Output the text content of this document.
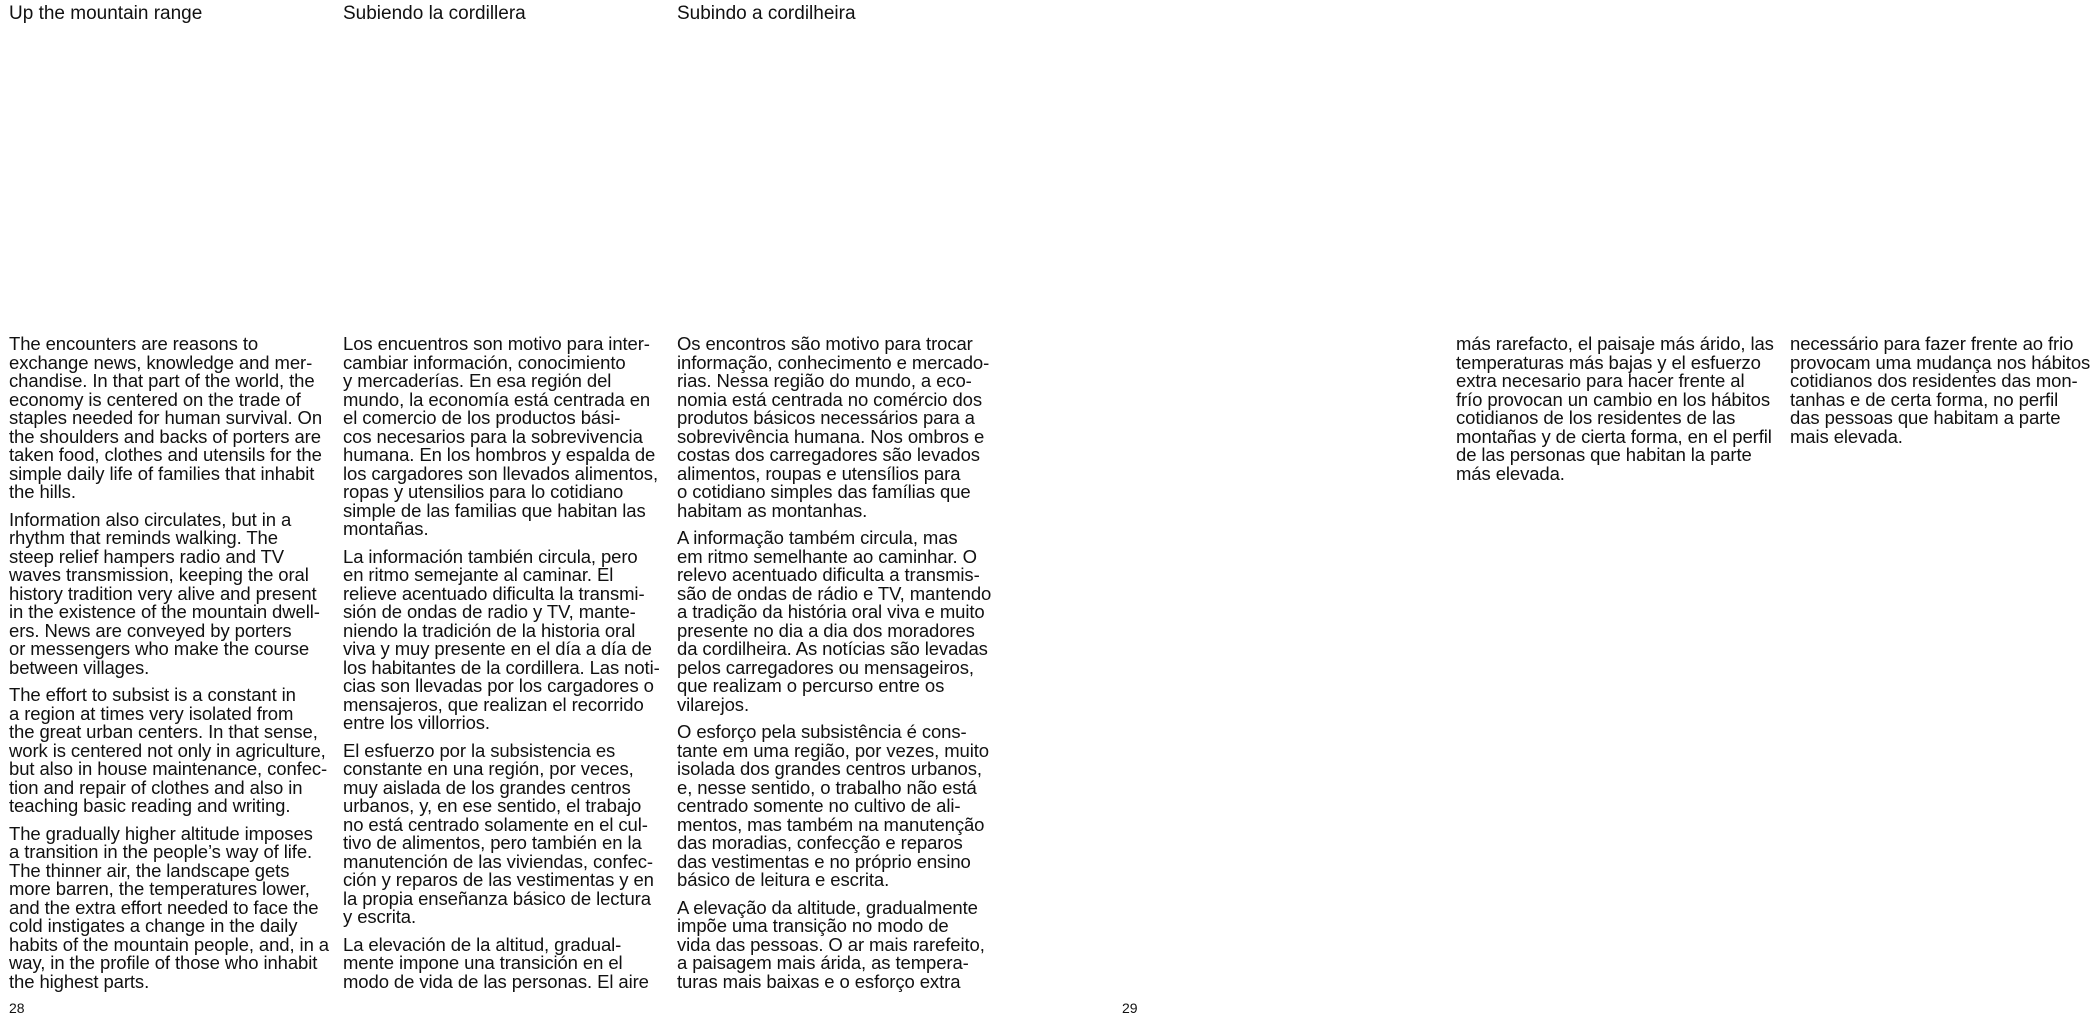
Up the mountain range	Subiendo la cordillera	Subindo a cordilheira

The encounters are reasons to
exchange news, knowledge and mer-
chandise. In that part of the world, the
economy is centered on the trade of
staples needed for human survival. On
the shoulders and backs of porters are
taken food, clothes and utensils for the
simple daily life of families that inhabit
the hills.

Information also circulates, but in a
rhythm that reminds walking. The
steep relief hampers radio and TV
waves transmission, keeping the oral
history tradition very alive and present
in the existence of the mountain dwell-
ers. News are conveyed by porters
or messengers who make the course
between villages.

The effort to subsist is a constant in
a region at times very isolated from
the great urban centers. In that sense,
work is centered not only in agriculture,
but also in house maintenance, confec-
tion and repair of clothes and also in
teaching basic reading and writing.

The gradually higher altitude imposes
a transition in the people’s way of life.
The thinner air, the landscape gets
more barren, the temperatures lower,
and the extra effort needed to face the
cold instigates a change in the daily
habits of the mountain people, and, in a
way, in the profile of those who inhabit
the highest parts.

Los encuentros son motivo para inter-
cambiar información, conocimiento
y mercaderías. En esa región del
mundo, la economía está centrada en
el comercio de los productos bási-
cos necesarios para la sobrevivencia
humana. En los hombros y espalda de
los cargadores son llevados alimentos,
ropas y utensilios para lo cotidiano
simple de las familias que habitan las
montañas.

La información también circula, pero
en ritmo semejante al caminar. El
relieve acentuado dificulta la transmi-
sión de ondas de radio y TV, mante-
niendo la tradición de la historia oral
viva y muy presente en el día a día de
los habitantes de la cordillera. Las noti-
cias son llevadas por los cargadores o
mensajeros, que realizan el recorrido
entre los villorrios.

El esfuerzo por la subsistencia es
constante en una región, por veces,
muy aislada de los grandes centros
urbanos, y, en ese sentido, el trabajo
no está centrado solamente en el cul-
tivo de alimentos, pero también en la
manutención de las viviendas, confec-
ción y reparos de las vestimentas y en
la propia enseñanza básico de lectura
y escrita.

La elevación de la altitud, gradual-
mente impone una transición en el
modo de vida de las personas. El aire

Os encontros são motivo para trocar
informação, conhecimento e mercado-
rias. Nessa região do mundo, a eco-
nomia está centrada no comércio dos
produtos básicos necessários para a
sobrevivência humana. Nos ombros e
costas dos carregadores são levados
alimentos, roupas e utensílios para
o cotidiano simples das famílias que
habitam as montanhas.

A informação também circula, mas
em ritmo semelhante ao caminhar. O
relevo acentuado dificulta a transmis-
são de ondas de rádio e TV, mantendo
a tradição da história oral viva e muito
presente no dia a dia dos moradores
da cordilheira. As notícias são levadas
pelos carregadores ou mensageiros,
que realizam o percurso entre os
vilarejos.

O esforço pela subsistência é cons-
tante em uma região, por vezes, muito
isolada dos grandes centros urbanos,
e, nesse sentido, o trabalho não está
centrado somente no cultivo de ali-
mentos, mas também na manutenção
das moradias, confecção e reparos
das vestimentas e no próprio ensino
básico de leitura e escrita.

A elevação da altitude, gradualmente
impõe uma transição no modo de
vida das pessoas. O ar mais rarefeito,
a paisagem mais árida, as tempera-
turas mais baixas e o esforço extra

más rarefacto, el paisaje más árido, las
temperaturas más bajas y el esfuerzo
extra necesario para hacer frente al
frío provocan un cambio en los hábitos
cotidianos de los residentes de las
montañas y de cierta forma, en el perfil
de las personas que habitan la parte
más elevada.

necessário para fazer frente ao frio
provocam uma mudança nos hábitos
cotidianos dos residentes das mon-
tanhas e de certa forma, no perfil
das pessoas que habitam a parte
mais elevada.

28	29
